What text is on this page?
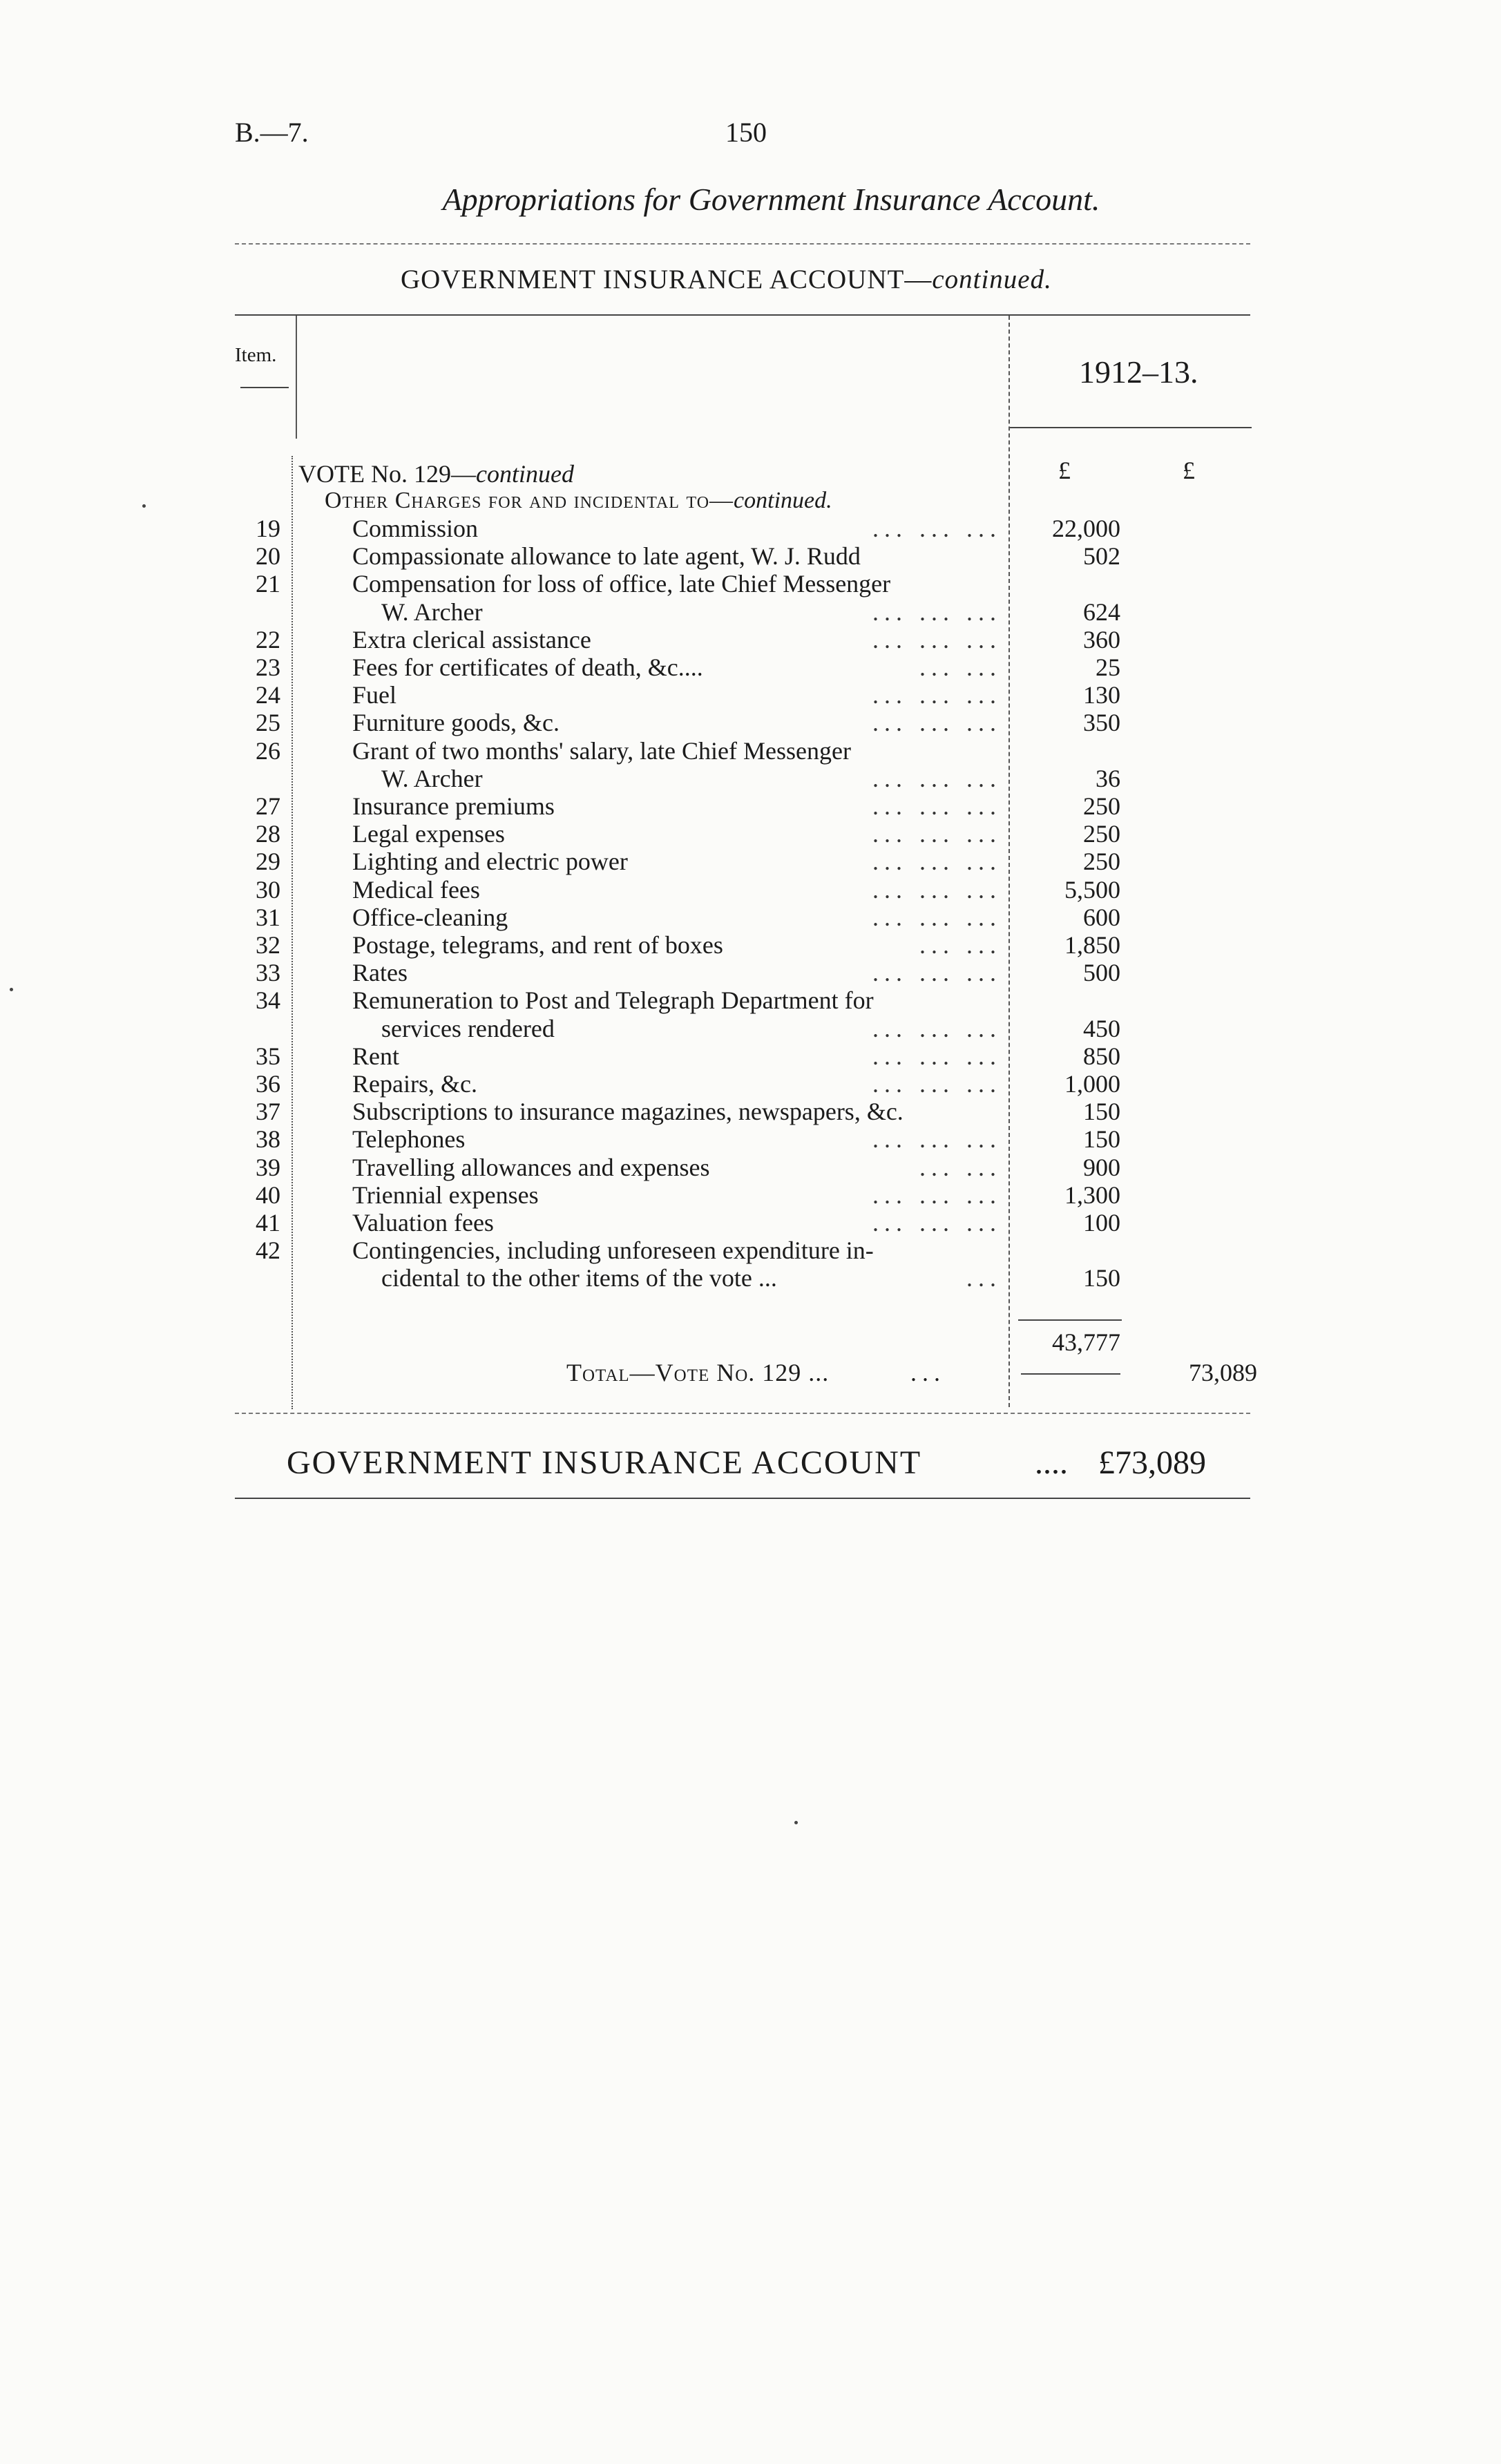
B.—7.	150
Appropriations for Government Insurance Account.
GOVERNMENT INSURANCE ACCOUNT—continued.
Item.	1912–13.
£	£
VOTE No. 129—continued
Other Charges for and incidental to—continued.
19	Commission	... ... ...	22,000
20	Compassionate allowance to late agent, W. J. Rudd	502
21	Compensation for loss of office, late Chief Messenger
W. Archer	... ... ...	624
22	Extra clerical assistance	... ... ...	360
23	Fees for certificates of death, &c....	... ...	25
24	Fuel	... ... ...	130
25	Furniture goods, &c.	... ... ...	350
26	Grant of two months' salary, late Chief Messenger
W. Archer	... ... ...	36
27	Insurance premiums	... ... ...	250
28	Legal expenses	... ... ...	250
29	Lighting and electric power	... ... ...	250
30	Medical fees	... ... ...	5,500
31	Office-cleaning	... ... ...	600
32	Postage, telegrams, and rent of boxes	... ...	1,850
33	Rates	... ... ...	500
34	Remuneration to Post and Telegraph Department for
services rendered	... ... ...	450
35	Rent	... ... ...	850
36	Repairs, &c.	... ... ...	1,000
37	Subscriptions to insurance magazines, newspapers, &c.	150
38	Telephones	... ... ...	150
39	Travelling allowances and expenses	... ...	900
40	Triennial expenses	... ... ...	1,300
41	Valuation fees	... ... ...	100
42	Contingencies, including unforeseen expenditure in-
cidental to the other items of the vote ...	...	150
43,777
Total—Vote No. 129 ...	...	73,089
GOVERNMENT INSURANCE ACCOUNT	.... £73,089
